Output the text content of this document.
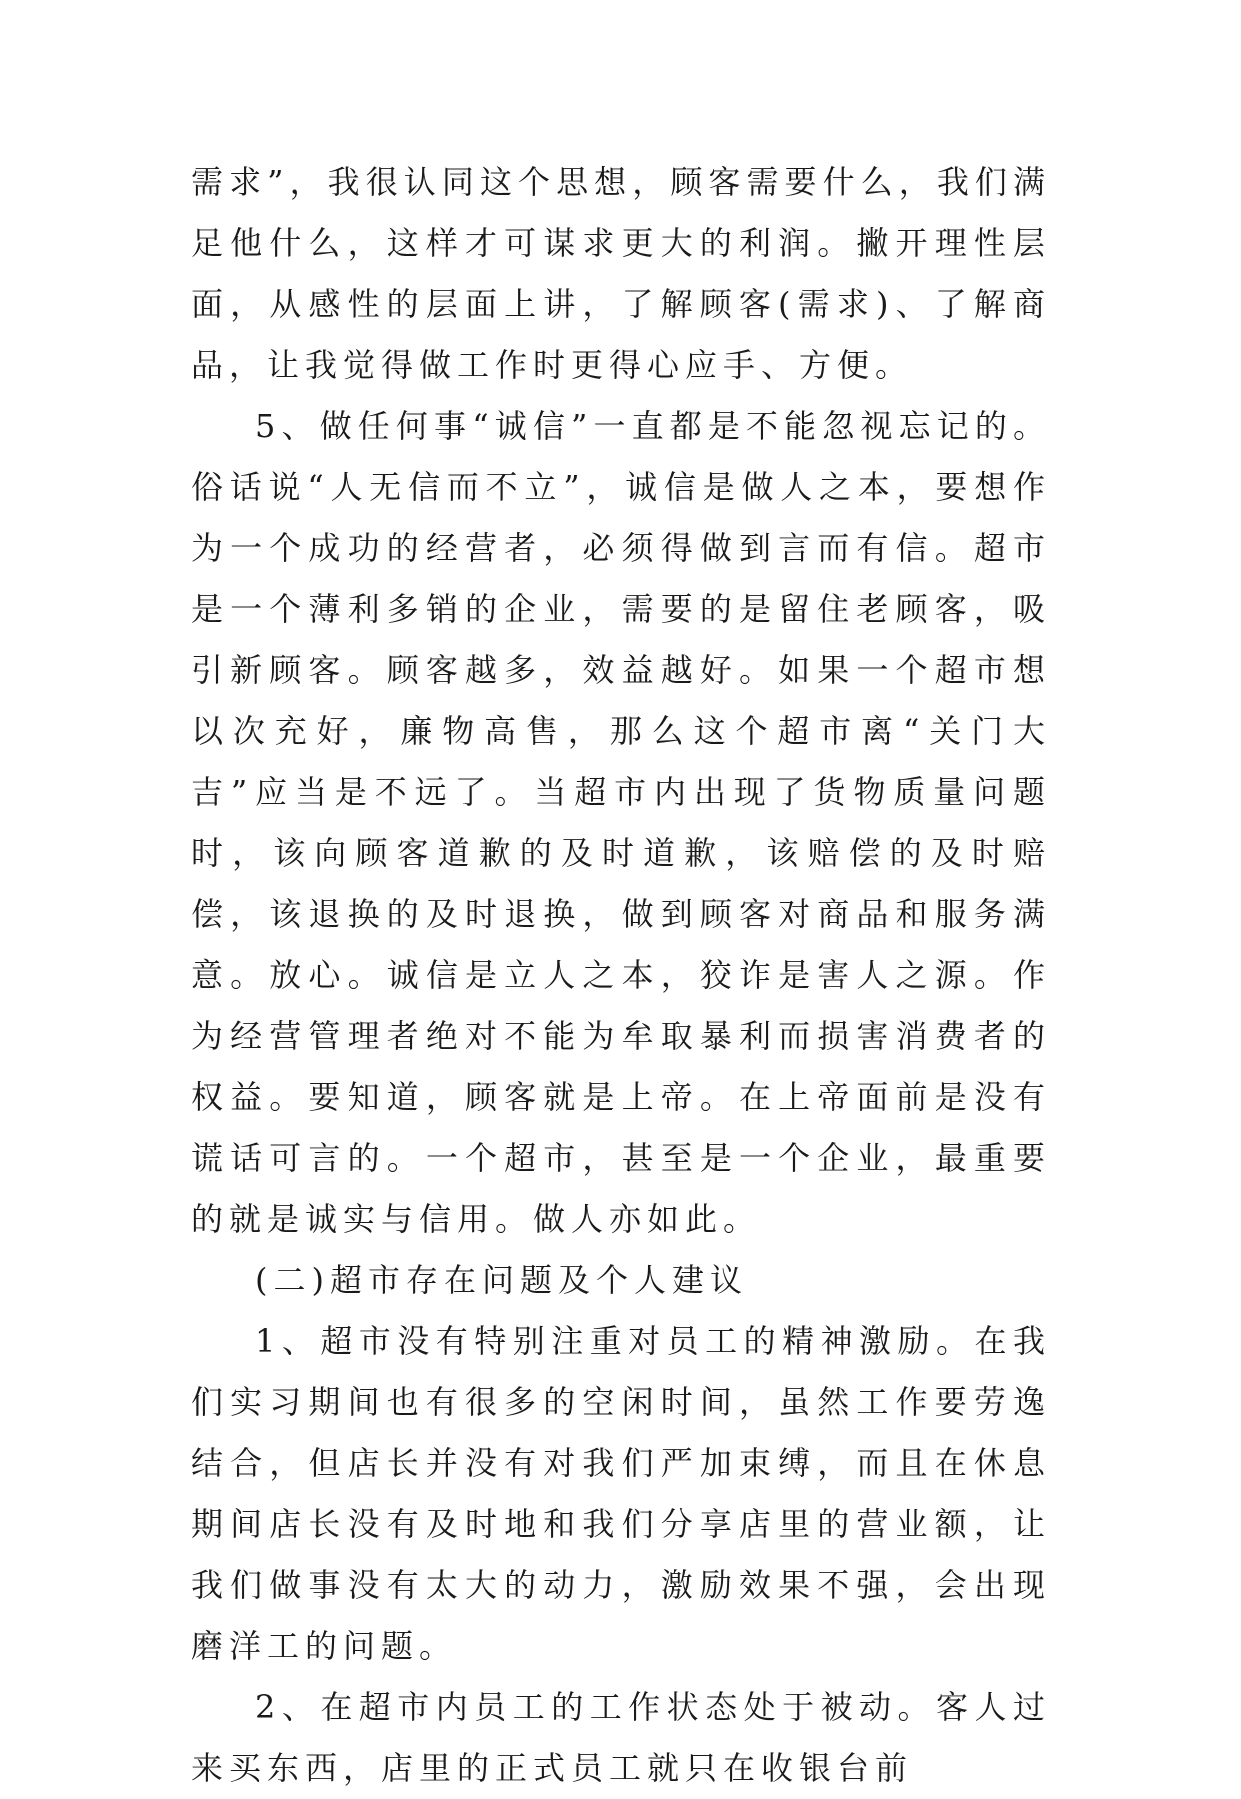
需求”，我很认同这个思想，顾客需要什么，我们满足他什么，这样才可谋求更大的利润。撇开理性层面，从感性的层面上讲，了解顾客(需求)、了解商品，让我觉得做工作时更得心应手、方便。

5、做任何事“诚信”一直都是不能忽视忘记的。俗话说“人无信而不立”，诚信是做人之本，要想作为一个成功的经营者，必须得做到言而有信。超市是一个薄利多销的企业，需要的是留住老顾客，吸引新顾客。顾客越多，效益越好。如果一个超市想以次充好，廉物高售，那么这个超市离“关门大吉”应当是不远了。当超市内出现了货物质量问题时，该向顾客道歉的及时道歉，该赔偿的及时赔偿，该退换的及时退换，做到顾客对商品和服务满意。放心。诚信是立人之本，狡诈是害人之源。作为经营管理者绝对不能为牟取暴利而损害消费者的权益。要知道，顾客就是上帝。在上帝面前是没有谎话可言的。一个超市，甚至是一个企业，最重要的就是诚实与信用。做人亦如此。

(二)超市存在问题及个人建议

1、超市没有特别注重对员工的精神激励。在我们实习期间也有很多的空闲时间，虽然工作要劳逸结合，但店长并没有对我们严加束缚，而且在休息期间店长没有及时地和我们分享店里的营业额，让我们做事没有太大的动力，激励效果不强，会出现磨洋工的问题。

2、在超市内员工的工作状态处于被动。客人过来买东西，店里的正式员工就只在收银台前
